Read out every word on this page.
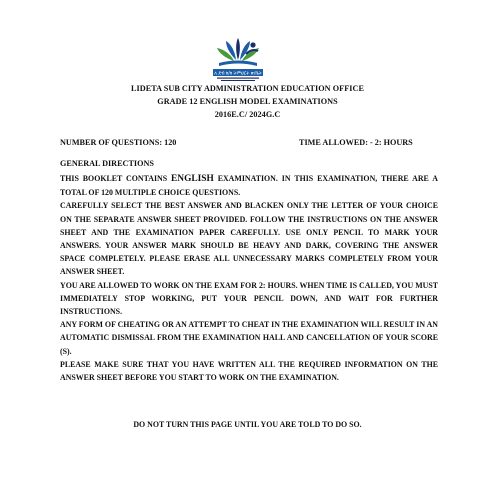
ለ ደብ ክ/ከ ትምህርት ጽ/ቤት
LIDETA SUB CITY ADMINISTRATION EDUCATION OFFICE
GRADE 12 ENGLISH MODEL EXAMINATIONS
2016E.C/ 2024G.C
NUMBER OF QUESTIONS: 120	TIME ALLOWED: - 2: HOURS
GENERAL DIRECTIONS

THIS BOOKLET CONTAINS ENGLISH EXAMINATION. IN THIS EXAMINATION, THERE ARE A TOTAL OF 120 MULTIPLE CHOICE QUESTIONS.

CAREFULLY SELECT THE BEST ANSWER AND BLACKEN ONLY THE LETTER OF YOUR CHOICE ON THE SEPARATE ANSWER SHEET PROVIDED. FOLLOW THE INSTRUCTIONS ON THE ANSWER SHEET AND THE EXAMINATION PAPER CAREFULLY. USE ONLY PENCIL TO MARK YOUR ANSWERS. YOUR ANSWER MARK SHOULD BE HEAVY AND DARK, COVERING THE ANSWER SPACE COMPLETELY. PLEASE ERASE ALL UNNECESSARY MARKS COMPLETELY FROM YOUR ANSWER SHEET.

YOU ARE ALLOWED TO WORK ON THE EXAM FOR 2: HOURS. WHEN TIME IS CALLED, YOU MUST IMMEDIATELY STOP WORKING, PUT YOUR PENCIL DOWN, AND WAIT FOR FURTHER INSTRUCTIONS.

ANY FORM OF CHEATING OR AN ATTEMPT TO CHEAT IN THE EXAMINATION WILL RESULT IN AN AUTOMATIC DISMISSAL FROM THE EXAMINATION HALL AND CANCELLATION OF YOUR SCORE (S).

PLEASE MAKE SURE THAT YOU HAVE WRITTEN ALL THE REQUIRED INFORMATION ON THE ANSWER SHEET BEFORE YOU START TO WORK ON THE EXAMINATION.

DO NOT TURN THIS PAGE UNTIL YOU ARE TOLD TO DO SO.
